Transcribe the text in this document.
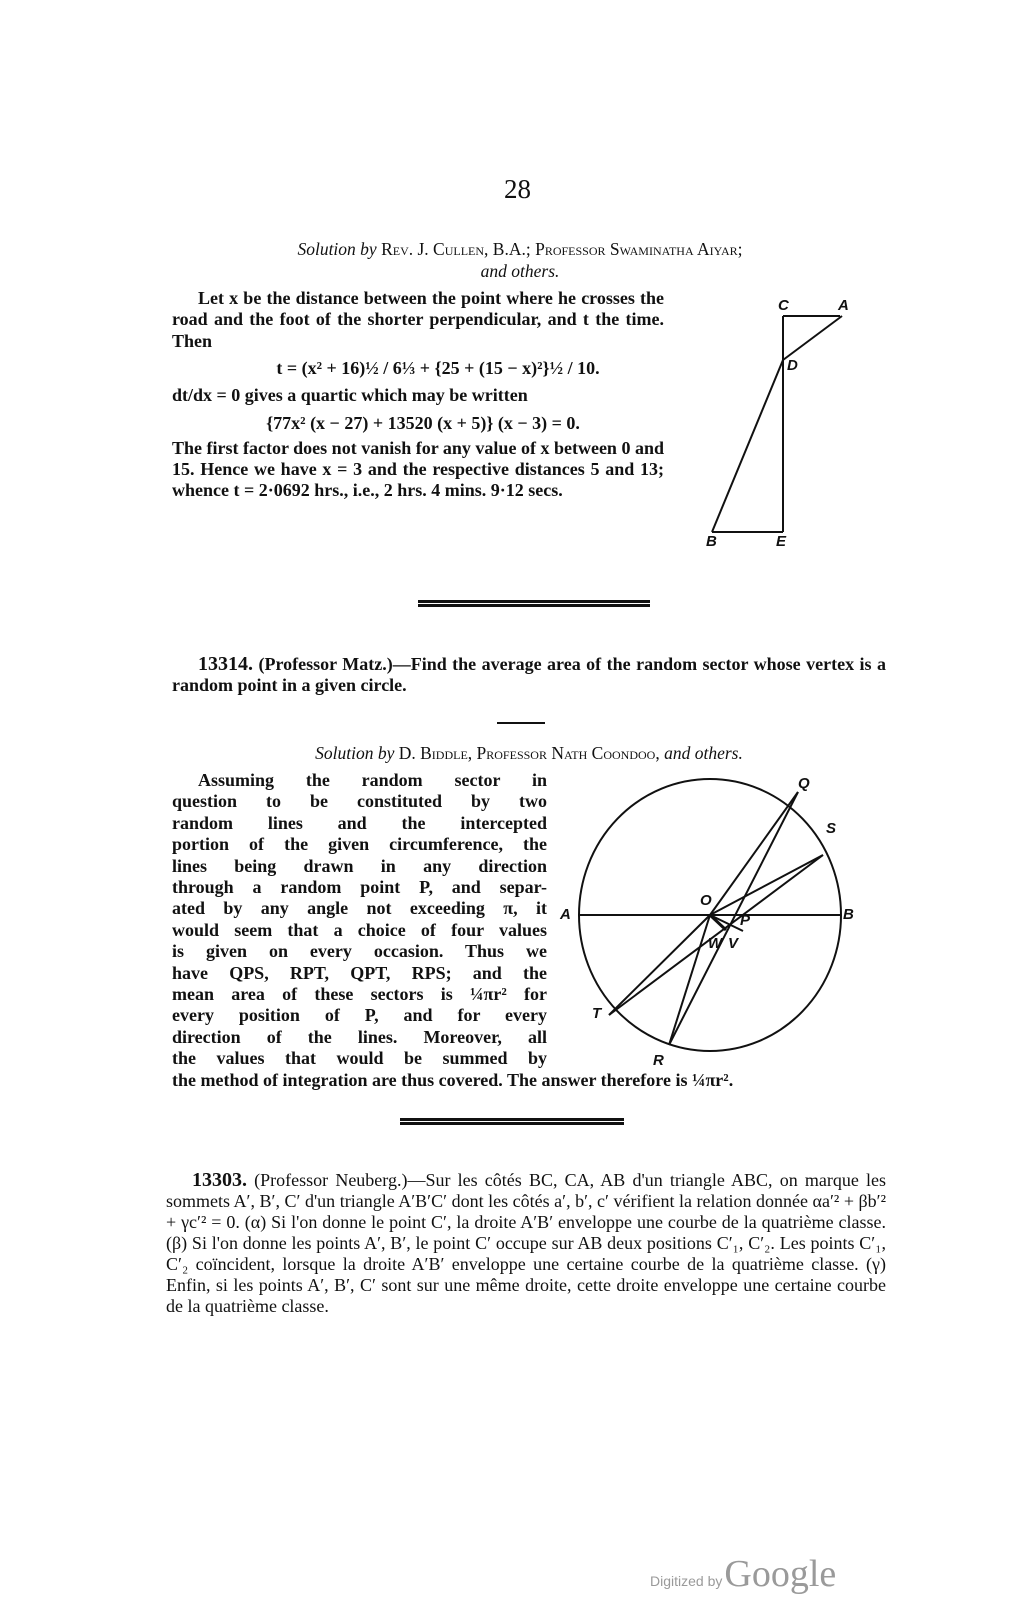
28
Solution by Rev. J. Cullen, B.A.; Professor Swaminatha Aiyar;
and others.
Let x be the distance between the point where he crosses the road and the foot of the shorter perpendicular, and t the time. Then
t = (x² + 16)½ / 6⅓ + {25 + (15 − x)²}½ / 10.
dt/dx = 0 gives a quartic which may be written
{77x² (x − 27) + 13520 (x + 5)} (x − 3) = 0.
The first factor does not vanish for any value of x between 0 and 15. Hence we have x = 3 and the respective distances 5 and 13; whence t = 2·0692 hrs., i.e., 2 hrs. 4 mins. 9·12 secs.
C	A
D
B	E
13314. (Professor Matz.)—Find the average area of the random sector whose vertex is a random point in a given circle.
Solution by D. Biddle, Professor Nath Coondoo, and others.
Assuming the random sector in
question to be constituted by two
random lines and the intercepted
portion of the given circumference, the
lines being drawn in any direction
through a random point P, and separ-
ated by any angle not exceeding π, it
would seem that a choice of four values
is given on every occasion. Thus we
have QPS, RPT, QPT, RPS; and the
mean area of these sectors is ¼πr² for
every position of P, and for every
direction of the lines. Moreover, all
the values that would be summed by
the method of integration are thus covered. The answer therefore is ¼πr².
Q
S
A
O
P	B
W V
T
R
13303. (Professor Neuberg.)—Sur les côtés BC, CA, AB d'un triangle ABC, on marque les sommets A′, B′, C′ d'un triangle A′B′C′ dont les côtés a′, b′, c′ vérifient la relation donnée αa′² + βb′² + γc′² = 0. (α) Si l'on donne le point C′, la droite A′B′ enveloppe une courbe de la quatrième classe. (β) Si l'on donne les points A′, B′, le point C′ occupe sur AB deux positions C′₁, C′₂. Les points C′₁, C′₂ coïncident, lorsque la droite A′B′ enveloppe une certaine courbe de la quatrième classe. (γ) Enfin, si les points A′, B′, C′ sont sur une même droite, cette droite enveloppe une certaine courbe de la quatrième classe.
Digitized by Google
